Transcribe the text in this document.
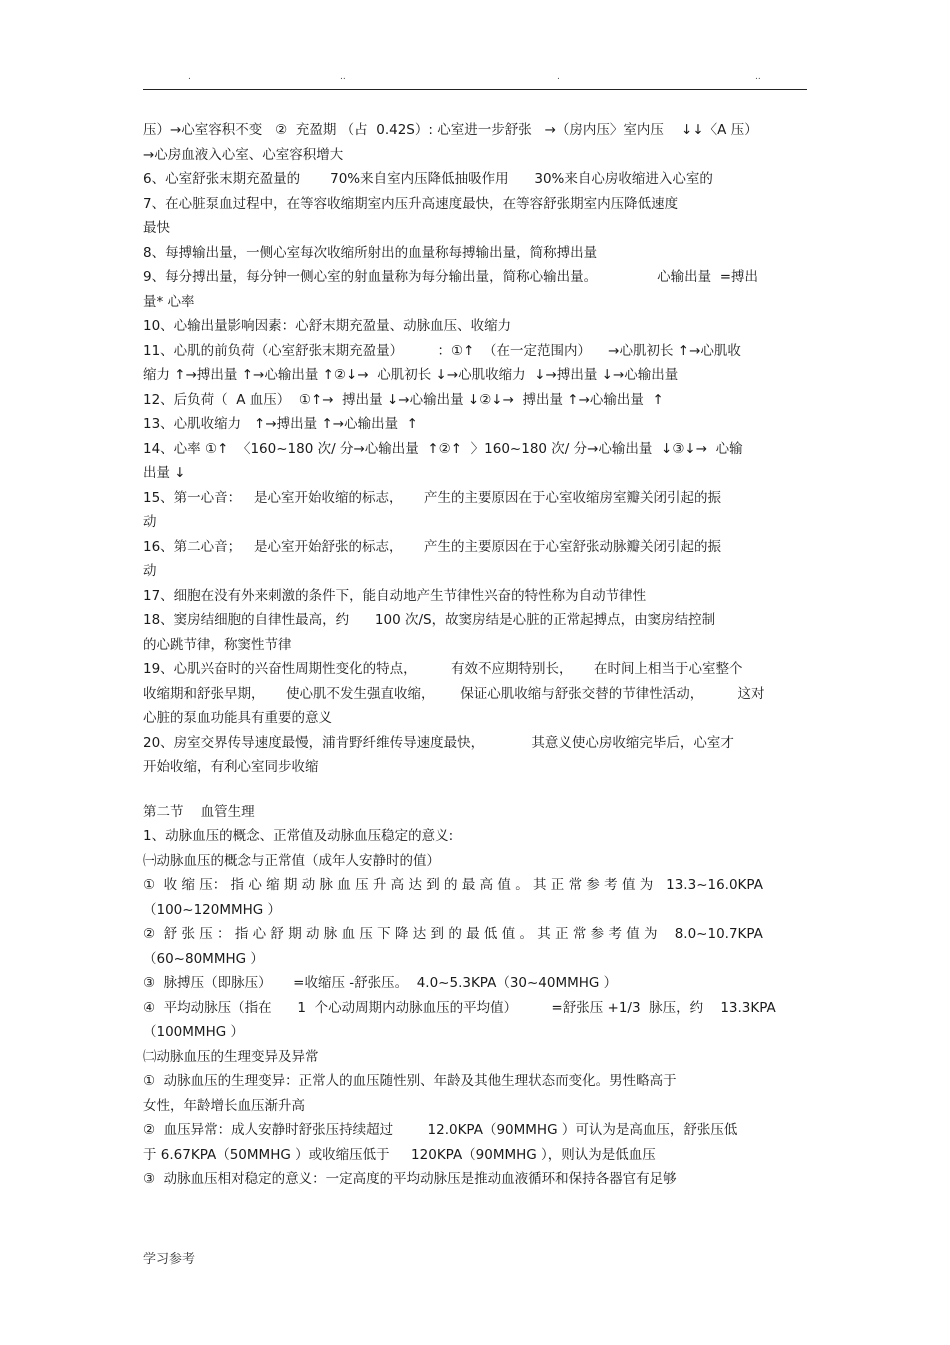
.	..	.	..
压）→心室容积不变   ②  充盈期 （占  0.42S）: 心室进一步舒张   →（房内压〉室内压    ↓↓〈A 压）
→心房血液入心室、心室容积增大
6、心室舒张末期充盈量的       70%来自室内压降低抽吸作用      30%来自心房收缩进入心室的
7、在心脏泵血过程中，在等容收缩期室内压升高速度最快，在等容舒张期室内压降低速度
最快
8、每搏输出量，一侧心室每次收缩所射出的血量称每搏输出量，简称搏出量
9、每分搏出量，每分钟一侧心室的射血量称为每分输出量，简称心输出量。              心输出量  =搏出
量* 心率
10、心输出量影响因素：心舒末期充盈量、动脉血压、收缩力
11、心肌的前负荷（心室舒张末期充盈量）        ：①↑  （在一定范围内）    →心肌初长 ↑→心肌收
缩力 ↑→搏出量 ↑→心输出量 ↑②↓→  心肌初长 ↓→心肌收缩力  ↓→搏出量 ↓→心输出量
12、后负荷（  A 血压）  ①↑→  搏出量 ↓→心输出量 ↓②↓→  搏出量 ↑→心输出量  ↑
13、心肌收缩力   ↑→搏出量 ↑→心输出量  ↑
14、心率 ①↑  〈160~180 次/ 分→心输出量  ↑②↑  〉160~180 次/ 分→心输出量  ↓③↓→  心输
出量 ↓
15、第一心音：   是心室开始收缩的标志，     产生的主要原因在于心室收缩房室瓣关闭引起的振
动
16、第二心音；   是心室开始舒张的标志，     产生的主要原因在于心室舒张动脉瓣关闭引起的振
动
17、细胞在没有外来刺激的条件下，能自动地产生节律性兴奋的特性称为自动节律性
18、窦房结细胞的自律性最高，约      100 次/S，故窦房结是心脏的正常起搏点，由窦房结控制
的心跳节律，称窦性节律
19、心肌兴奋时的兴奋性周期性变化的特点，        有效不应期特别长，     在时间上相当于心室整个
收缩期和舒张早期，     使心肌不发生强直收缩，      保证心肌收缩与舒张交替的节律性活动，        这对
心脏的泵血功能具有重要的意义
20、房室交界传导速度最慢，浦肯野纤维传导速度最快，           其意义使心房收缩完毕后，心室才
开始收缩，有利心室同步收缩
第二节    血管生理
1、动脉血压的概念、正常值及动脉血压稳定的意义:
㈠动脉血压的概念与正常值（成年人安静时的值）
①  收 缩 压： 指 心 缩 期 动 脉 血 压 升 高 达 到 的 最 高 值 。 其 正 常 参 考 值 为   13.3~16.0KPA
（100~120MMHG ）
②  舒 张 压 ： 指 心 舒 期 动 脉 血 压 下 降 达 到 的 最 低 值 。 其 正 常 参 考 值 为    8.0~10.7KPA
（60~80MMHG ）
③  脉搏压（即脉压）     =收缩压 -舒张压。  4.0~5.3KPA（30~40MMHG ）
④  平均动脉压（指在      1  个心动周期内动脉血压的平均值）        =舒张压 +1/3  脉压，约    13.3KPA
（100MMHG ）
㈡动脉血压的生理变异及异常
①  动脉血压的生理变异：正常人的血压随性别、年龄及其他生理状态而变化。男性略高于
女性，年龄增长血压渐升高
②  血压异常：成人安静时舒张压持续超过        12.0KPA（90MMHG ）可认为是高血压，舒张压低
于 6.67KPA（50MMHG ）或收缩压低于     120KPA（90MMHG ），则认为是低血压
③  动脉血压相对稳定的意义：一定高度的平均动脉压是推动血液循环和保持各器官有足够
学习参考
